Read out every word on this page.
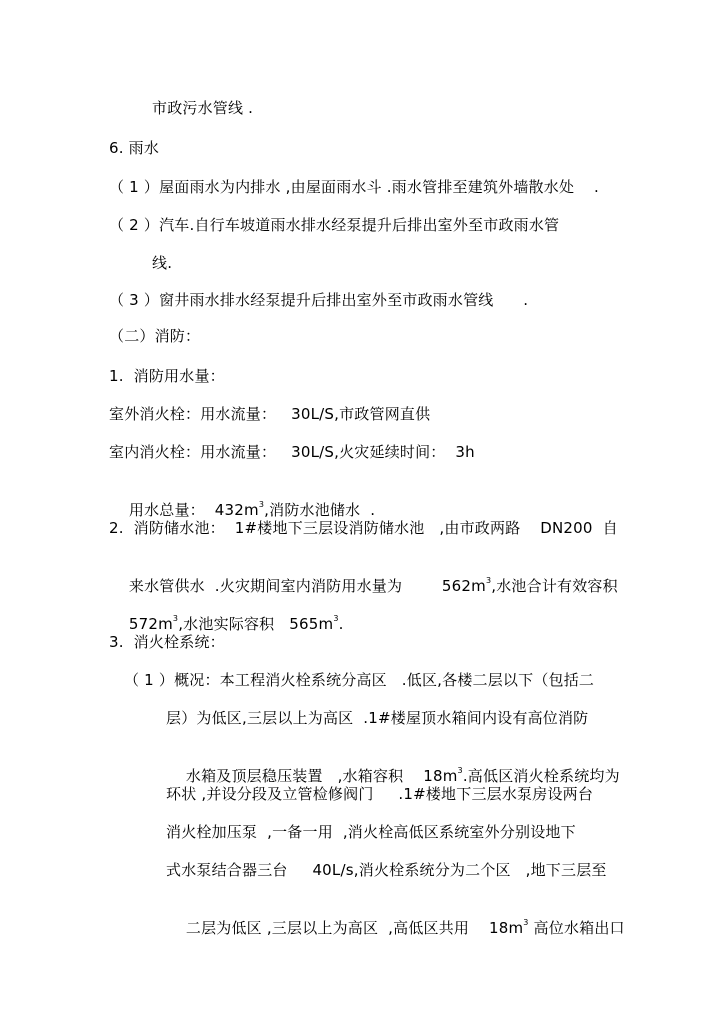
市政污水管线 .
6. 雨水
（ 1 ）屋面雨水为内排水 ,由屋面雨水斗 .雨水管排至建筑外墙散水处    .
（ 2 ）汽车.自行车坡道雨水排水经泵提升后排出室外至市政雨水管
线.
（ 3 ）窗井雨水排水经泵提升后排出室外至市政雨水管线      .
（二）消防：
1.  消防用水量：
室外消火栓：用水流量：   30L/S,市政管网直供
室内消火栓：用水流量：   30L/S,火灾延续时间：  3h

用水总量：  $432m^3$,消防水池储水  .

2.  消防储水池：  1#楼地下三层设消防储水池   ,由市政两路    DN200  自

来水管供水  .火灾期间室内消防用水量为        $562m^3$,水池合计有效容积

$572m^3$,水池实际容积   $565m^3$.

3.  消火栓系统：
（ 1 ）概况：本工程消火栓系统分高区   .低区,各楼二层以下（包括二
层）为低区,三层以上为高区  .1#楼屋顶水箱间内设有高位消防

水箱及顶层稳压装置   ,水箱容积    $18m^3$.高低区消火栓系统均为

环状 ,并设分段及立管检修阀门     .1#楼地下三层水泵房设两台
消火栓加压泵  ,一备一用  ,消火栓高低区系统室外分别设地下
式水泵结合器三台     40L/s,消火栓系统分为二个区   ,地下三层至

二层为低区 ,三层以上为高区  ,高低区共用    $18m^3$ 高位水箱出口
